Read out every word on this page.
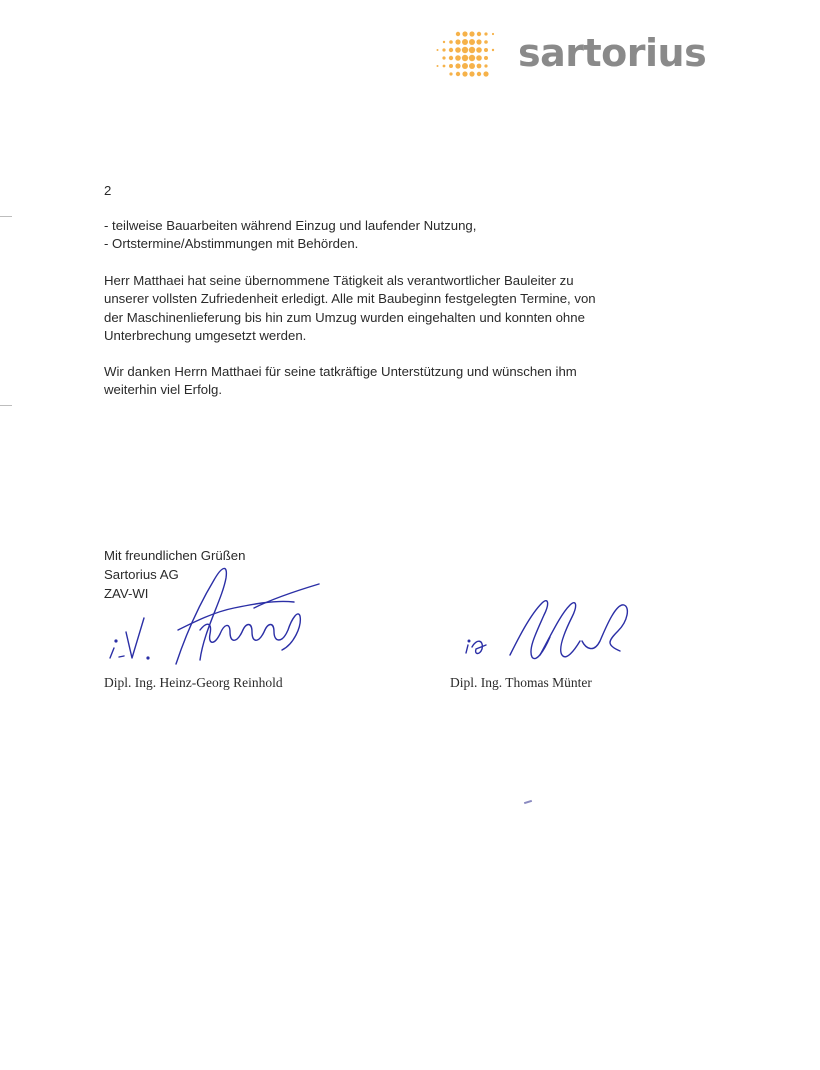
sartorius
2
- teilweise Bauarbeiten während Einzug und laufender Nutzung,
- Ortstermine/Abstimmungen mit Behörden.
Herr Matthaei hat seine übernommene Tätigkeit als verantwortlicher Bauleiter zu
unserer vollsten Zufriedenheit erledigt. Alle mit Baubeginn festgelegten Termine, von
der Maschinenlieferung bis hin zum Umzug wurden eingehalten und konnten ohne
Unterbrechung umgesetzt werden.
Wir danken Herrn Matthaei für seine tatkräftige Unterstützung und wünschen ihm
weiterhin viel Erfolg.
Mit freundlichen Grüßen
Sartorius AG
ZAV-WI
Dipl. Ing. Heinz-Georg Reinhold	Dipl. Ing. Thomas Münter
